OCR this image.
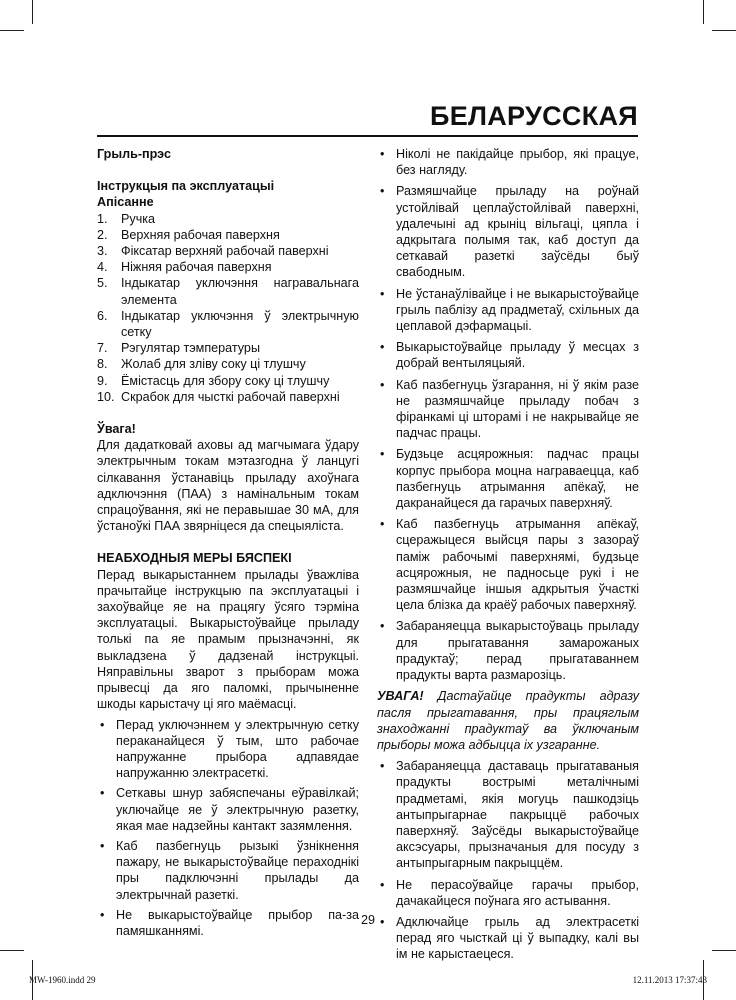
БЕЛАРУССКАЯ
Грыль-прэс
Інструкцыя па эксплуатацыі
Апісанне
1. Ручка
2. Верхняя рабочая паверхня
3. Фіксатар верхняй рабочай паверхні
4. Ніжняя рабочая паверхня
5. Індыкатар уключэння награвальнага элемента
6. Індыкатар уключэння ў электрычную сетку
7. Рэгулятар тэмпературы
8. Жолаб для зліву соку ці тлушчу
9. Ёмістасць для збору соку ці тлушчу
10. Скрабок для чысткі рабочай паверхні
Ўвага!

Для дадатковай аховы ад магчымага ўдару электрычным токам мэтазгодна ў ланцугі сілкавання ўстанавіць прыладу ахоўнага адключэння (ПАА) з намінальным токам спрацоўвання, які не перавышае 30 мА, для ўстаноўкі ПАА звярніцеся да спецыяліста.

НЕАБХОДНЫЯ МЕРЫ БЯСПЕКІ

Перад выкарыстаннем прылады ўважліва прачытайце інструкцыю па эксплуатацыі і захоўвайце яе на працягу ўсяго тэрміна эксплуатацыі. Выкарыстоўвайце прыладу толькі па яе прамым прызначэнні, як выкладзена ў дадзенай інструкцыі. Няправільны зварот з прыборам можа прывесці да яго паломкі, прычыненне шкоды карыстачу ці яго маёмасці.

• Перад уключэннем у электрычную сетку пераканайцеся ў тым, што рабочае напружанне прыбора адпавядае напружанню электрасеткі.
• Сеткавы шнур забяспечаны еўравілкай; уключайце яе ў электрычную разетку, якая мае надзейны кантакт зазямлення.
• Каб пазбегнуць рызыкі ўзнікнення пажару, не выкарыстоўвайце пераходнікі пры падключэнні прылады да электрычнай разеткі.
• Не выкарыстоўвайце прыбор па-за памяшканнямі.
• Ніколі не пакідайце прыбор, які працуе, без нагляду.
• Размяшчайце прыладу на роўнай устойлівай цеплаўстойлівай паверхні, удалечыні ад крыніц вільгаці, цяпла і адкрытага полымя так, каб доступ да сеткавай разеткі заўсёды быў свабодным.
• Не ўстанаўлівайце і не выкарыстоўвайце грыль паблізу ад прадметаў, схільных да цеплавой дэфармацыі.
• Выкарыстоўвайце прыладу ў месцах з добрай вентыляцыяй.
• Каб пазбегнуць ўзгарання, ні ў якім разе не размяшчайце прыладу побач з фіранкамі ці шторамі і не накрывайце яе падчас працы.
• Будзьце асцярожныя: падчас працы корпус прыбора моцна награваецца, каб пазбегнуць атрымання апёкаў, не дакранайцеся да гарачых паверхняў.
• Каб пазбегнуць атрымання апёкаў, сцеражыцеся выйсця пары з зазораў паміж рабочымі паверхнямі, будзьце асцярожныя, не падносьце рукі і не размяшчайце іншыя адкрытыя ўчасткі цела блізка да краёў рабочых паверхняў.
• Забараняецца выкарыстоўваць прыладу для прыгатавання замарожаных прадуктаў; перад прыгатаваннем прадукты варта размарозіць.
УВАГА! Дастаўайце прадукты адразу пасля прыгатавання, пры працяглым знаходжанні прадуктаў ва ўключаным прыборы можа адбыцца іх узгаранне.
• Забараняецца даставаць прыгатаваныя прадукты вострымі металічнымі прадметамі, якія могуць пашкодзіць антыпрыгарнае пакрыццё рабочых паверхняў. Заўсёды выкарыстоўвайце аксэсуары, прызначаныя для посуду з антыпрыгарным пакрыццём.
• Не перасоўвайце гарачы прыбор, дачакайцеся поўнага яго астывання.
• Адключайце грыль ад электрасеткі перад яго чысткай ці ў выпадку, калі вы ім не карыстаецеся.
29
MW-1960.indd 29	12.11.2013 17:37:43
